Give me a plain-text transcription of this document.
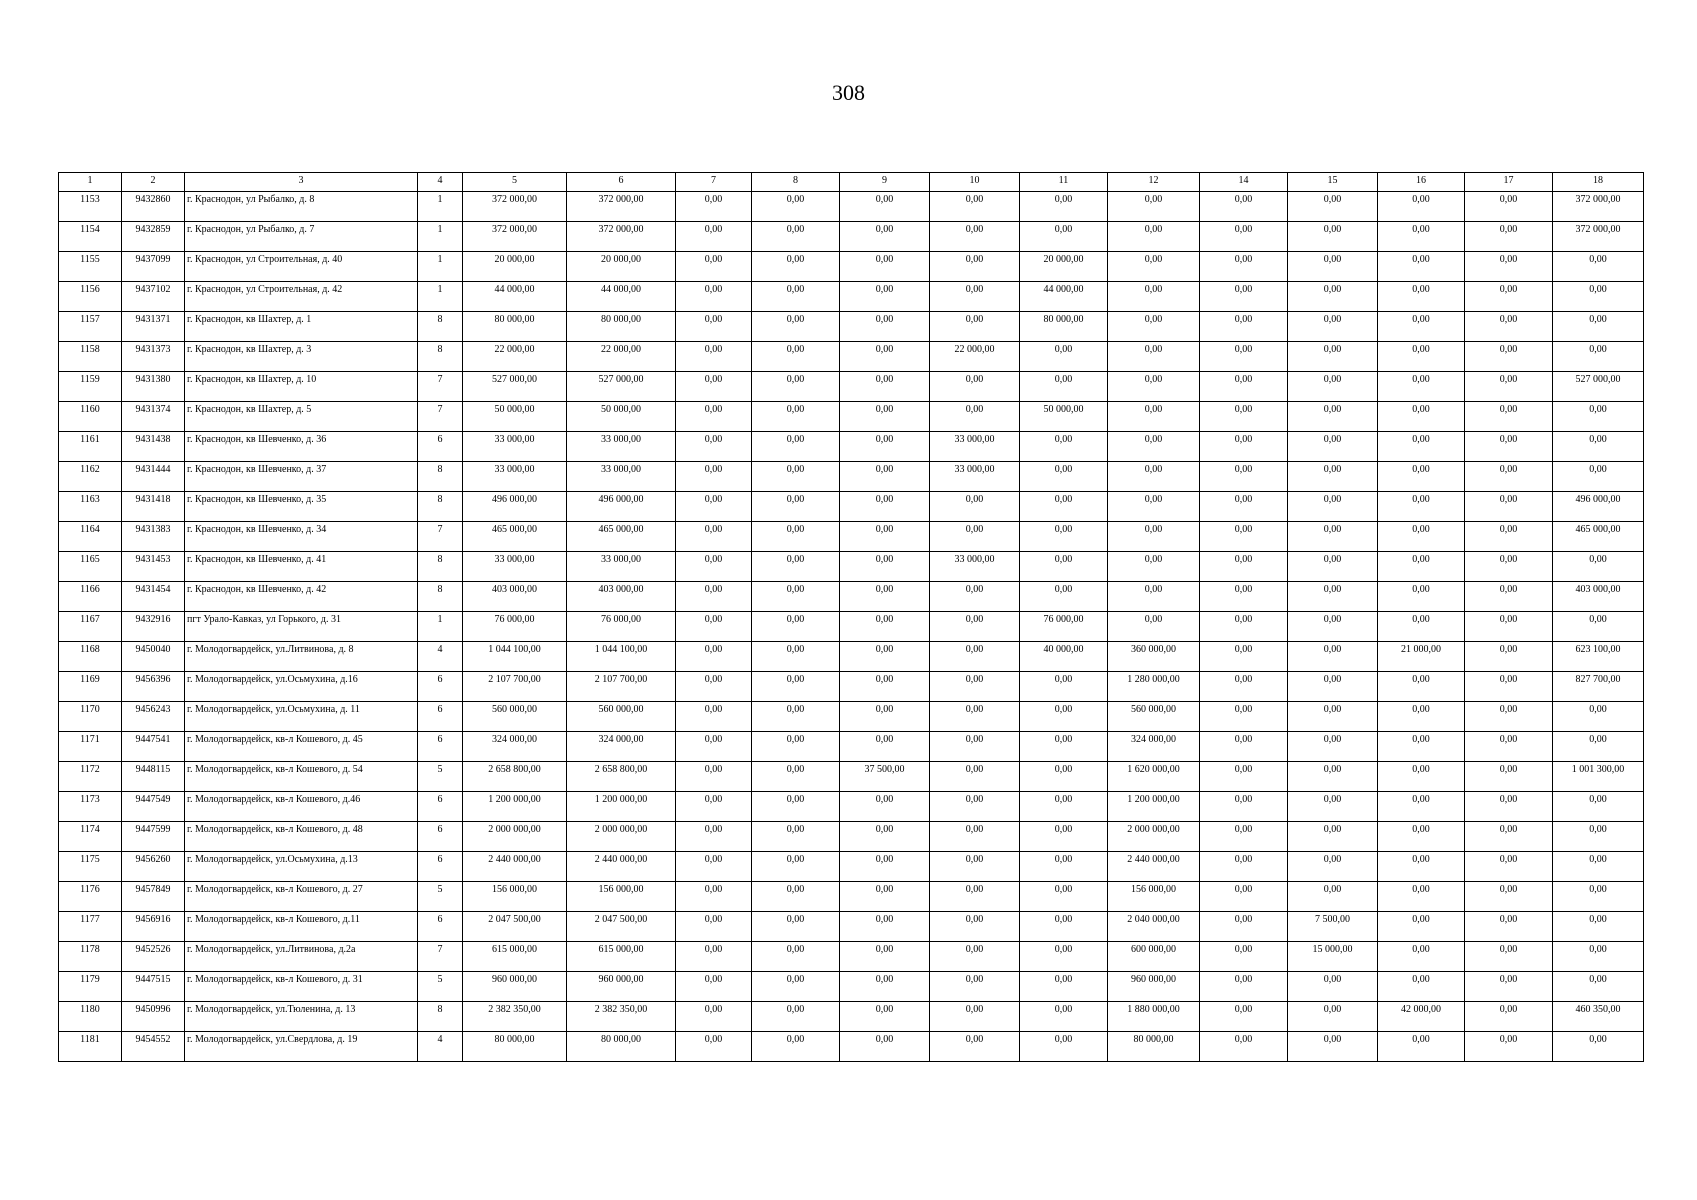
308
1	2	3	4	5	6	7	8	9	10	11	12	14	15	16	17	18
1153	9432860	г. Краснодон, ул Рыбалко, д. 8	1	372 000,00	372 000,00	0,00	0,00	0,00	0,00	0,00	0,00	0,00	0,00	0,00	0,00	372 000,00
1154	9432859	г. Краснодон, ул Рыбалко, д. 7	1	372 000,00	372 000,00	0,00	0,00	0,00	0,00	0,00	0,00	0,00	0,00	0,00	0,00	372 000,00
1155	9437099	г. Краснодон, ул Строительная, д. 40	1	20 000,00	20 000,00	0,00	0,00	0,00	0,00	20 000,00	0,00	0,00	0,00	0,00	0,00	0,00
1156	9437102	г. Краснодон, ул Строительная, д. 42	1	44 000,00	44 000,00	0,00	0,00	0,00	0,00	44 000,00	0,00	0,00	0,00	0,00	0,00	0,00
1157	9431371	г. Краснодон, кв Шахтер, д. 1	8	80 000,00	80 000,00	0,00	0,00	0,00	0,00	80 000,00	0,00	0,00	0,00	0,00	0,00	0,00
1158	9431373	г. Краснодон, кв Шахтер, д. 3	8	22 000,00	22 000,00	0,00	0,00	0,00	22 000,00	0,00	0,00	0,00	0,00	0,00	0,00	0,00
1159	9431380	г. Краснодон, кв Шахтер, д. 10	7	527 000,00	527 000,00	0,00	0,00	0,00	0,00	0,00	0,00	0,00	0,00	0,00	0,00	527 000,00
1160	9431374	г. Краснодон, кв Шахтер, д. 5	7	50 000,00	50 000,00	0,00	0,00	0,00	0,00	50 000,00	0,00	0,00	0,00	0,00	0,00	0,00
1161	9431438	г. Краснодон, кв Шевченко, д. 36	6	33 000,00	33 000,00	0,00	0,00	0,00	33 000,00	0,00	0,00	0,00	0,00	0,00	0,00	0,00
1162	9431444	г. Краснодон, кв Шевченко, д. 37	8	33 000,00	33 000,00	0,00	0,00	0,00	33 000,00	0,00	0,00	0,00	0,00	0,00	0,00	0,00
1163	9431418	г. Краснодон, кв Шевченко, д. 35	8	496 000,00	496 000,00	0,00	0,00	0,00	0,00	0,00	0,00	0,00	0,00	0,00	0,00	496 000,00
1164	9431383	г. Краснодон, кв Шевченко, д. 34	7	465 000,00	465 000,00	0,00	0,00	0,00	0,00	0,00	0,00	0,00	0,00	0,00	0,00	465 000,00
1165	9431453	г. Краснодон, кв Шевченко, д. 41	8	33 000,00	33 000,00	0,00	0,00	0,00	33 000,00	0,00	0,00	0,00	0,00	0,00	0,00	0,00
1166	9431454	г. Краснодон, кв Шевченко, д. 42	8	403 000,00	403 000,00	0,00	0,00	0,00	0,00	0,00	0,00	0,00	0,00	0,00	0,00	403 000,00
1167	9432916	пгт Урало-Кавказ, ул Горького, д. 31	1	76 000,00	76 000,00	0,00	0,00	0,00	0,00	76 000,00	0,00	0,00	0,00	0,00	0,00	0,00
1168	9450040	г. Молодогвардейск, ул.Литвинова, д. 8	4	1 044 100,00	1 044 100,00	0,00	0,00	0,00	0,00	40 000,00	360 000,00	0,00	0,00	21 000,00	0,00	623 100,00
1169	9456396	г. Молодогвардейск, ул.Осьмухина, д.16	6	2 107 700,00	2 107 700,00	0,00	0,00	0,00	0,00	0,00	1 280 000,00	0,00	0,00	0,00	0,00	827 700,00
1170	9456243	г. Молодогвардейск, ул.Осьмухина, д. 11	6	560 000,00	560 000,00	0,00	0,00	0,00	0,00	0,00	560 000,00	0,00	0,00	0,00	0,00	0,00
1171	9447541	г. Молодогвардейск, кв-л Кошевого, д. 45	6	324 000,00	324 000,00	0,00	0,00	0,00	0,00	0,00	324 000,00	0,00	0,00	0,00	0,00	0,00
1172	9448115	г. Молодогвардейск, кв-л Кошевого, д. 54	5	2 658 800,00	2 658 800,00	0,00	0,00	37 500,00	0,00	0,00	1 620 000,00	0,00	0,00	0,00	0,00	1 001 300,00
1173	9447549	г. Молодогвардейск, кв-л Кошевого, д.46	6	1 200 000,00	1 200 000,00	0,00	0,00	0,00	0,00	0,00	1 200 000,00	0,00	0,00	0,00	0,00	0,00
1174	9447599	г. Молодогвардейск, кв-л Кошевого, д. 48	6	2 000 000,00	2 000 000,00	0,00	0,00	0,00	0,00	0,00	2 000 000,00	0,00	0,00	0,00	0,00	0,00
1175	9456260	г. Молодогвардейск, ул.Осьмухина, д.13	6	2 440 000,00	2 440 000,00	0,00	0,00	0,00	0,00	0,00	2 440 000,00	0,00	0,00	0,00	0,00	0,00
1176	9457849	г. Молодогвардейск, кв-л Кошевого, д. 27	5	156 000,00	156 000,00	0,00	0,00	0,00	0,00	0,00	156 000,00	0,00	0,00	0,00	0,00	0,00
1177	9456916	г. Молодогвардейск, кв-л Кошевого, д.11	6	2 047 500,00	2 047 500,00	0,00	0,00	0,00	0,00	0,00	2 040 000,00	0,00	7 500,00	0,00	0,00	0,00
1178	9452526	г. Молодогвардейск, ул.Литвинова, д.2а	7	615 000,00	615 000,00	0,00	0,00	0,00	0,00	0,00	600 000,00	0,00	15 000,00	0,00	0,00	0,00
1179	9447515	г. Молодогвардейск, кв-л Кошевого, д. 31	5	960 000,00	960 000,00	0,00	0,00	0,00	0,00	0,00	960 000,00	0,00	0,00	0,00	0,00	0,00
1180	9450996	г. Молодогвардейск, ул.Тюленина, д. 13	8	2 382 350,00	2 382 350,00	0,00	0,00	0,00	0,00	0,00	1 880 000,00	0,00	0,00	42 000,00	0,00	460 350,00
1181	9454552	г. Молодогвардейск, ул.Свердлова, д. 19	4	80 000,00	80 000,00	0,00	0,00	0,00	0,00	0,00	80 000,00	0,00	0,00	0,00	0,00	0,00
